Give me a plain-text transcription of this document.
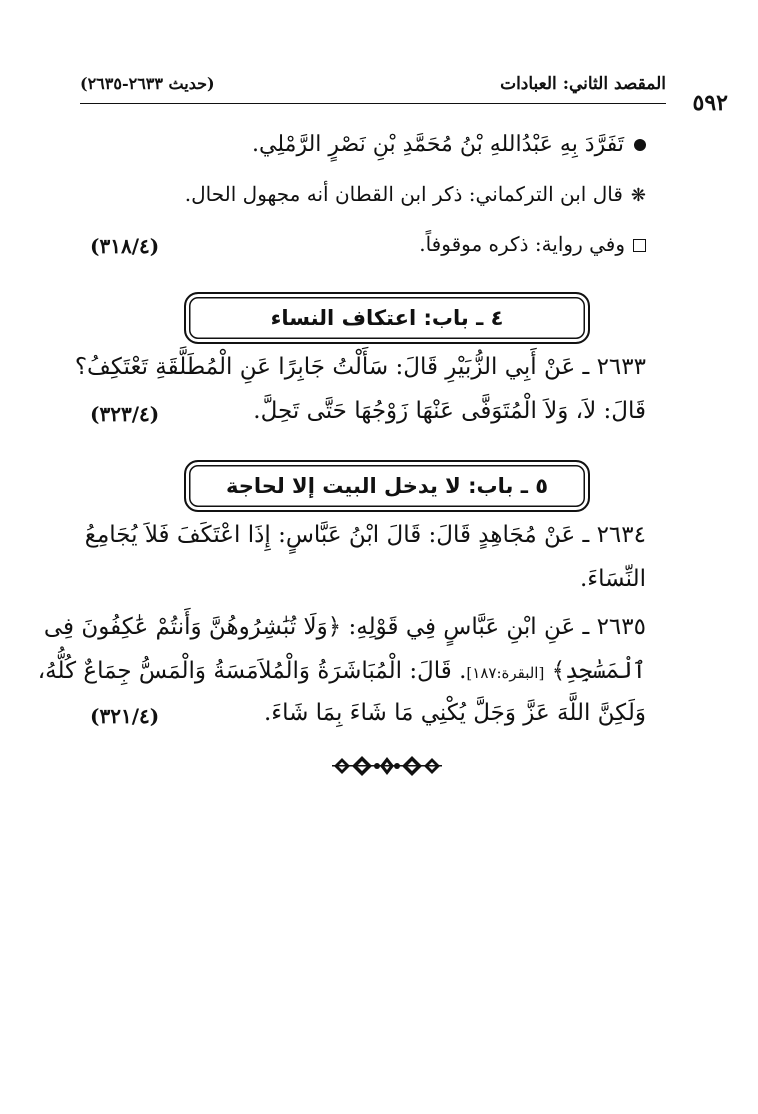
المقصد الثاني: العبادات
(حديث ٢٦٣٣-٢٦٣٥)
٥٩٢
تَفَرَّدَ بِهِ عَبْدُاللهِ بْنُ مُحَمَّدِ بْنِ نَصْرٍ الرَّمْلِي.
❋قال ابن التركماني: ذكر ابن القطان أنه مجهول الحال.
وفي رواية: ذكره موقوفاً.
(٣١٨/٤)
٤ ـ باب: اعتكاف النساء
٢٦٣٣ ـ عَنْ أَبِي الزُّبَيْرِ قَالَ: سَأَلْتُ جَابِرًا عَنِ الْمُطَلَّقَةِ تَعْتَكِفُ؟
قَالَ: لاَ، وَلاَ الْمُتَوَفَّى عَنْهَا زَوْجُهَا حَتَّى تَحِلَّ.
(٣٢٣/٤)
٥ ـ باب: لا يدخل البيت إلا لحاجة
٢٦٣٤ ـ عَنْ مُجَاهِدٍ قَالَ: قَالَ ابْنُ عَبَّاسٍ: إِذَا اعْتَكَفَ فَلاَ يُجَامِعُ
النِّسَاءَ.
٢٦٣٥ ـ عَنِ ابْنِ عَبَّاسٍ فِي قَوْلِهِ: ﴿وَلَا تُبَٰشِرُوهُنَّ وَأَنتُمْ عَٰكِفُونَ فِى
ٱلْمَسَٰجِدِ﴾ [البقرة:١٨٧]. قَالَ: الْمُبَاشَرَةُ وَالْمُلاَمَسَةُ وَالْمَسُّ جِمَاعٌ كُلُّهُ،
وَلَكِنَّ اللَّهَ عَزَّ وَجَلَّ يُكْنِي مَا شَاءَ بِمَا شَاءَ.
(٣٢١/٤)
